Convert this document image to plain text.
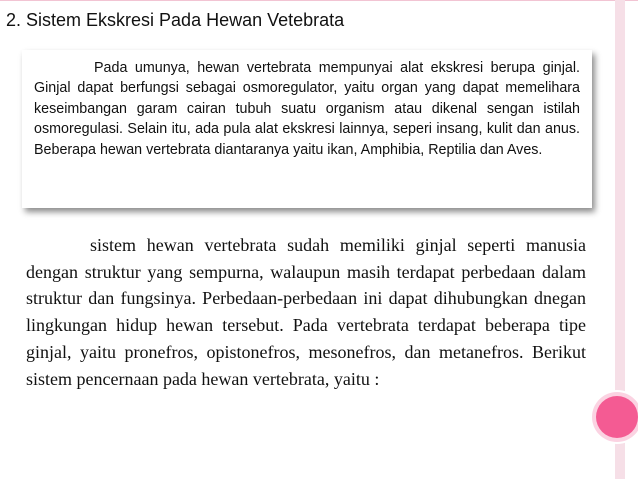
2. Sistem Ekskresi Pada Hewan Vetebrata
Pada umunya, hewan vertebrata mempunyai alat ekskresi berupa ginjal. Ginjal dapat berfungsi sebagai osmoregulator, yaitu organ yang dapat memelihara keseimbangan garam cairan tubuh suatu organism atau dikenal sengan istilah osmoregulasi. Selain itu, ada pula alat ekskresi lainnya, seperi insang, kulit dan anus. Beberapa hewan vertebrata diantaranya yaitu ikan, Amphibia, Reptilia dan Aves.
sistem hewan vertebrata sudah memiliki ginjal seperti manusia dengan struktur yang sempurna, walaupun masih terdapat perbedaan dalam struktur dan fungsinya. Perbedaan-perbedaan ini dapat dihubungkan dnegan lingkungan hidup hewan tersebut. Pada vertebrata terdapat beberapa tipe ginjal, yaitu pronefros, opistonefros, mesonefros, dan metanefros. Berikut sistem pencernaan pada hewan vertebrata, yaitu :
